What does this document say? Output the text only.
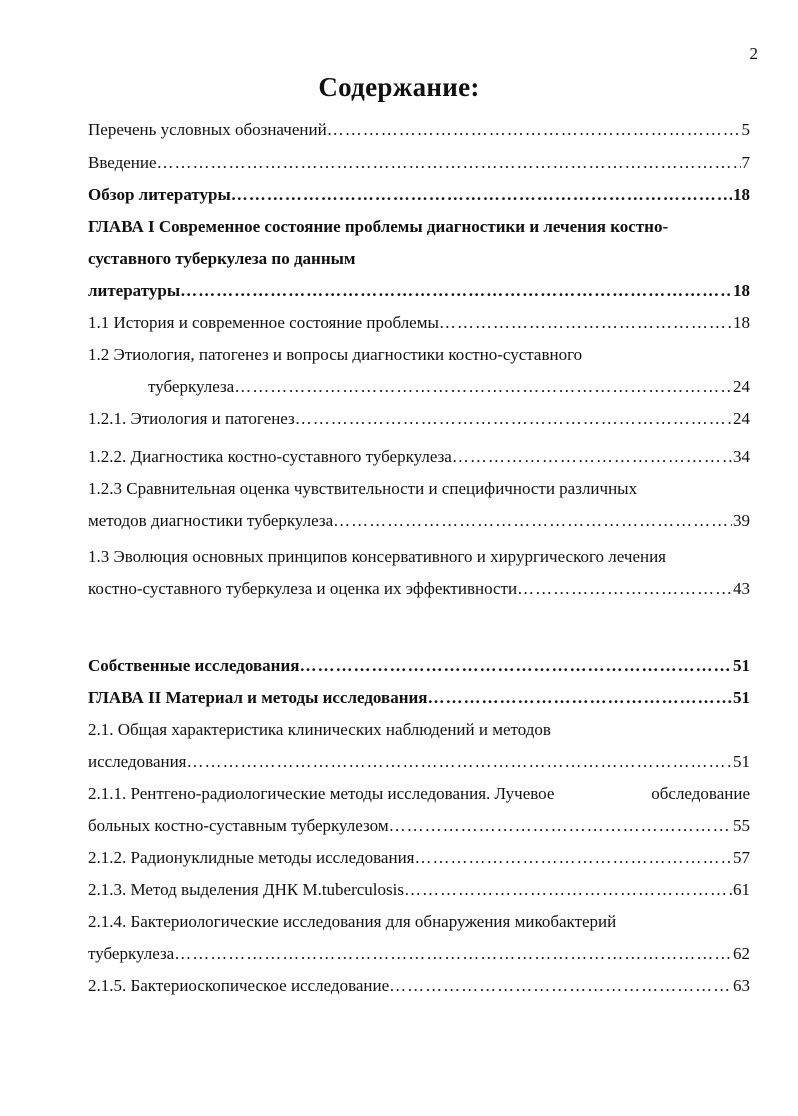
2
Содержание:
Перечень условных обозначений ………………………………………………………………………………………………………………………………………………………………………………………………………………………………	5
Введение ………………………………………………………………………………………………………………………………………………………………………………………………………………………………	7
Обзор литературы ………………………………………………………………………………………………………………………………………………………………………………………………………………………………	18
ГЛАВА I Современное состояние проблемы диагностики и лечения костно-
суставного туберкулеза по данным
литературы ………………………………………………………………………………………………………………………………………………………………………………………………………………………………	18
1.1 История и современное состояние проблемы ………………………………………………………………………………………………………………………………………………………………………………………………………………………………	18
1.2 Этиология, патогенез и вопросы диагностики костно-суставного
туберкулеза ………………………………………………………………………………………………………………………………………………………………………………………………………………………………	24
1.2.1. Этиология и патогенез ………………………………………………………………………………………………………………………………………………………………………………………………………………………………	24
1.2.2. Диагностика костно-суставного туберкулеза ………………………………………………………………………………………………………………………………………………………………………………………………………………………………	34
1.2.3 Сравнительная оценка чувствительности и специфичности различных
методов диагностики туберкулеза ………………………………………………………………………………………………………………………………………………………………………………………………………………………………	39
1.3 Эволюция основных принципов консервативного и хирургического лечения
костно-суставного туберкулеза и оценка их эффективности ………………………………………………………………………………………………………………………………………………………………………………………………………………………………	43
Собственные исследования ………………………………………………………………………………………………………………………………………………………………………………………………………………………………	51
ГЛАВА II Материал и методы исследования ………………………………………………………………………………………………………………………………………………………………………………………………………………………………	51
2.1. Общая характеристика клинических наблюдений и методов
исследования ………………………………………………………………………………………………………………………………………………………………………………………………………………………………	51
2.1.1. Рентгено-радиологические методы исследования. Лучевое	обследование
больных костно-суставным туберкулезом ………………………………………………………………………………………………………………………………………………………………………………………………………………………………	55
2.1.2. Радионуклидные методы исследования ………………………………………………………………………………………………………………………………………………………………………………………………………………………………	57
2.1.3. Метод выделения ДНК M.tuberculosis ………………………………………………………………………………………………………………………………………………………………………………………………………………………………	61
2.1.4. Бактериологические исследования для обнаружения микобактерий
туберкулеза ………………………………………………………………………………………………………………………………………………………………………………………………………………………………	62
2.1.5. Бактериоскопическое исследование ………………………………………………………………………………………………………………………………………………………………………………………………………………………………	63
